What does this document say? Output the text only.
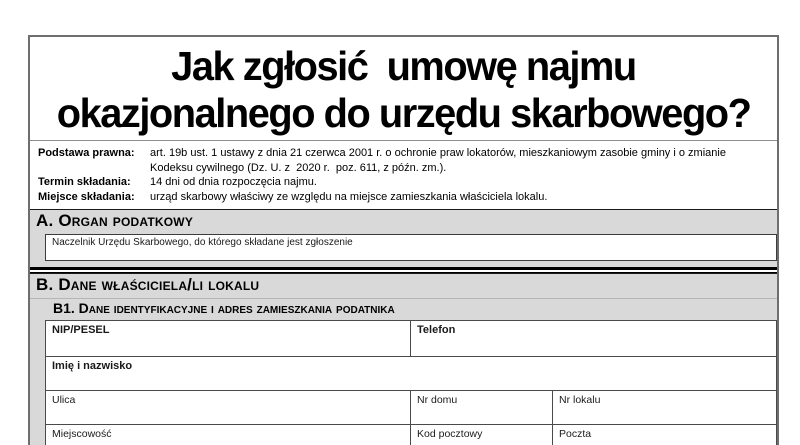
Jak zgłosić  umowę najmu
okazjonalnego do urzędu skarbowego?
Podstawa prawna:	art. 19b ust. 1 ustawy z dnia 21 czerwca 2001 r. o ochronie praw lokatorów, mieszkaniowym zasobie gminy i o zmianie Kodeksu cywilnego (Dz. U. z  2020 r.  poz. 611, z późn. zm.).
Termin składania:	14 dni od dnia rozpoczęcia najmu.
Miejsce składania:	urząd skarbowy właściwy ze względu na miejsce zamieszkania właściciela lokalu.
A. Organ podatkowy
Naczelnik Urzędu Skarbowego, do którego składane jest zgłoszenie
B. Dane właściciela/li lokalu
B1. Dane identyfikacyjne i adres zamieszkania podatnika
NIP/PESEL	Telefon
Imię i nazwisko
Ulica	Nr domu	Nr lokalu
Miejscowość	Kod pocztowy	Poczta
